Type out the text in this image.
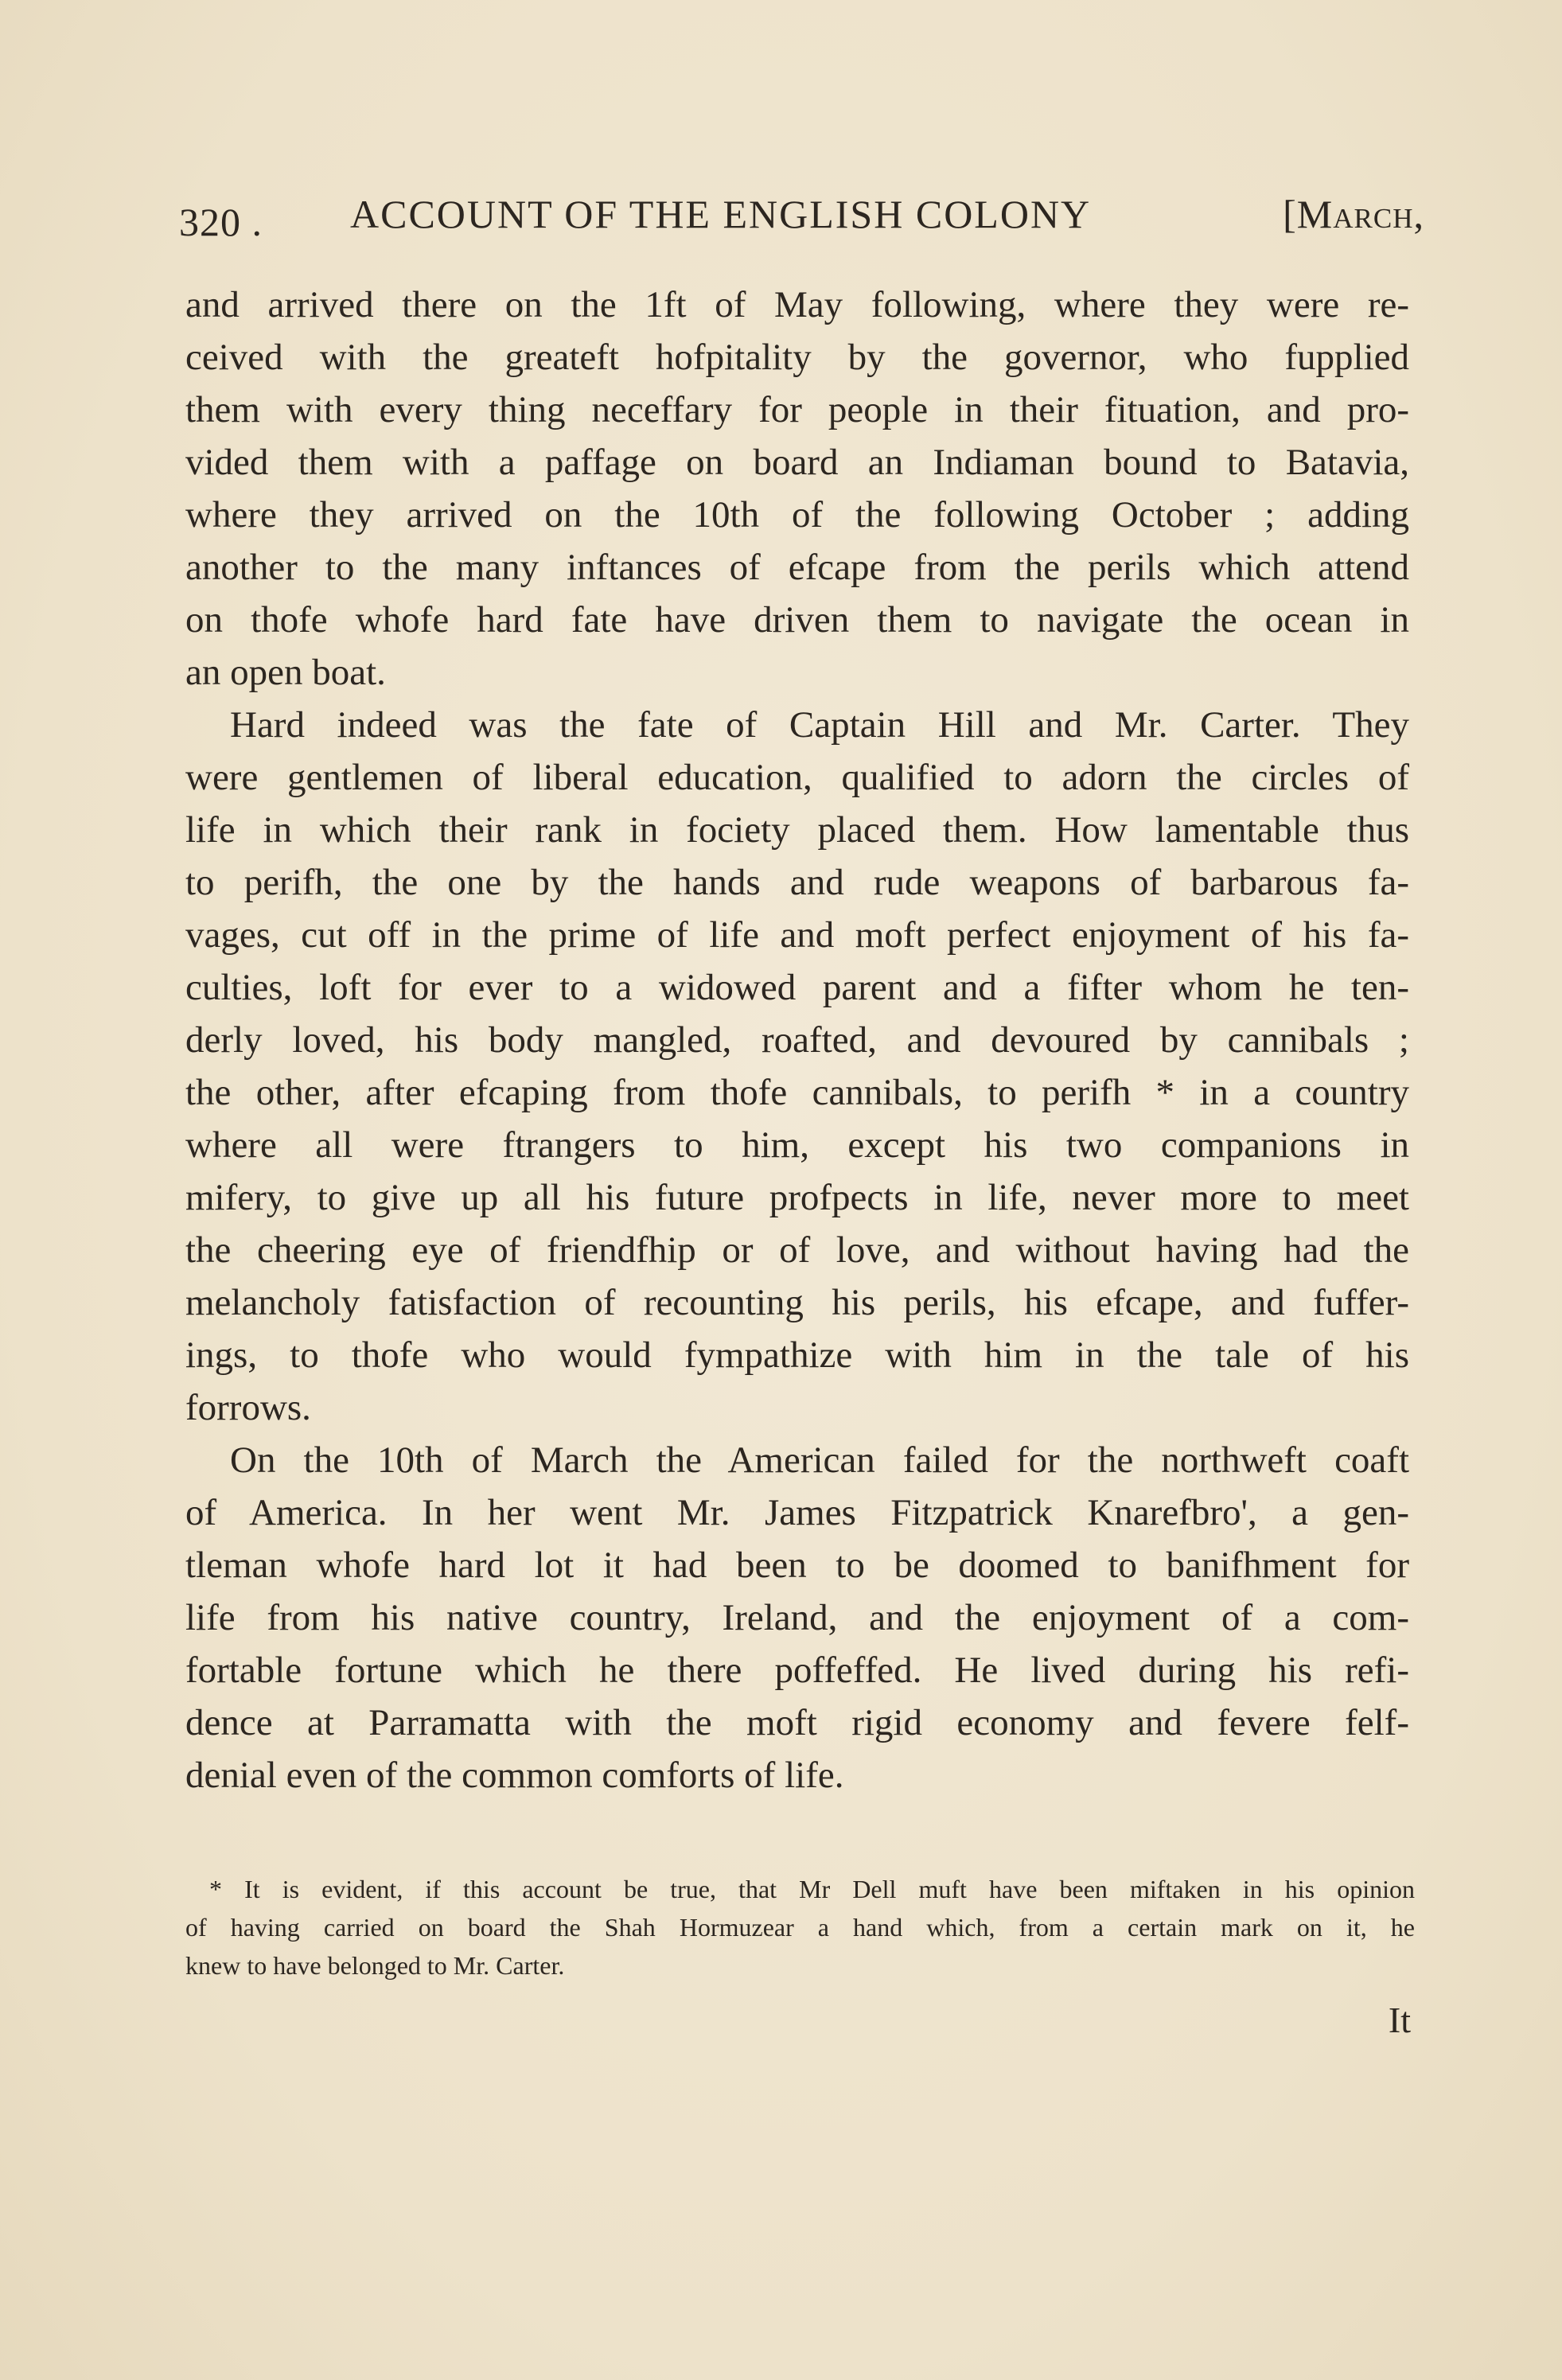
320 . ACCOUNT OF THE ENGLISH COLONY	[March,
and arrived there on the 1ft of May following, where they were re-
ceived with the greateft hofpitality by the governor, who fupplied
them with every thing neceffary for people in their fituation, and pro-
vided them with a paffage on board an Indiaman bound to Batavia,
where they arrived on the 10th of the following October ; adding
another to the many inftances of efcape from the perils which attend
on thofe whofe hard fate have driven them to navigate the ocean in
an open boat.
Hard indeed was the fate of Captain Hill and Mr. Carter. They
were gentlemen of liberal education, qualified to adorn the circles of
life in which their rank in fociety placed them. How lamentable thus
to perifh, the one by the hands and rude weapons of barbarous fa-
vages, cut off in the prime of life and moft perfect enjoyment of his fa-
culties, loft for ever to a widowed parent and a fifter whom he ten-
derly loved, his body mangled, roafted, and devoured by cannibals ;
the other, after efcaping from thofe cannibals, to perifh * in a country
where all were ftrangers to him, except his two companions in
mifery, to give up all his future profpects in life, never more to meet
the cheering eye of friendfhip or of love, and without having had the
melancholy fatisfaction of recounting his perils, his efcape, and fuffer-
ings, to thofe who would fympathize with him in the tale of his
forrows.
On the 10th of March the American failed for the northweft coaft
of America. In her went Mr. James Fitzpatrick Knarefbro', a gen-
tleman whofe hard lot it had been to be doomed to banifhment for
life from his native country, Ireland, and the enjoyment of a com-
fortable fortune which he there poffeffed. He lived during his refi-
dence at Parramatta with the moft rigid economy and fevere felf-
denial even of the common comforts of life.
* It is evident, if this account be true, that Mr Dell muft have been miftaken in his opinion
of having carried on board the Shah Hormuzear a hand which, from a certain mark on it, he
knew to have belonged to Mr. Carter.
It
